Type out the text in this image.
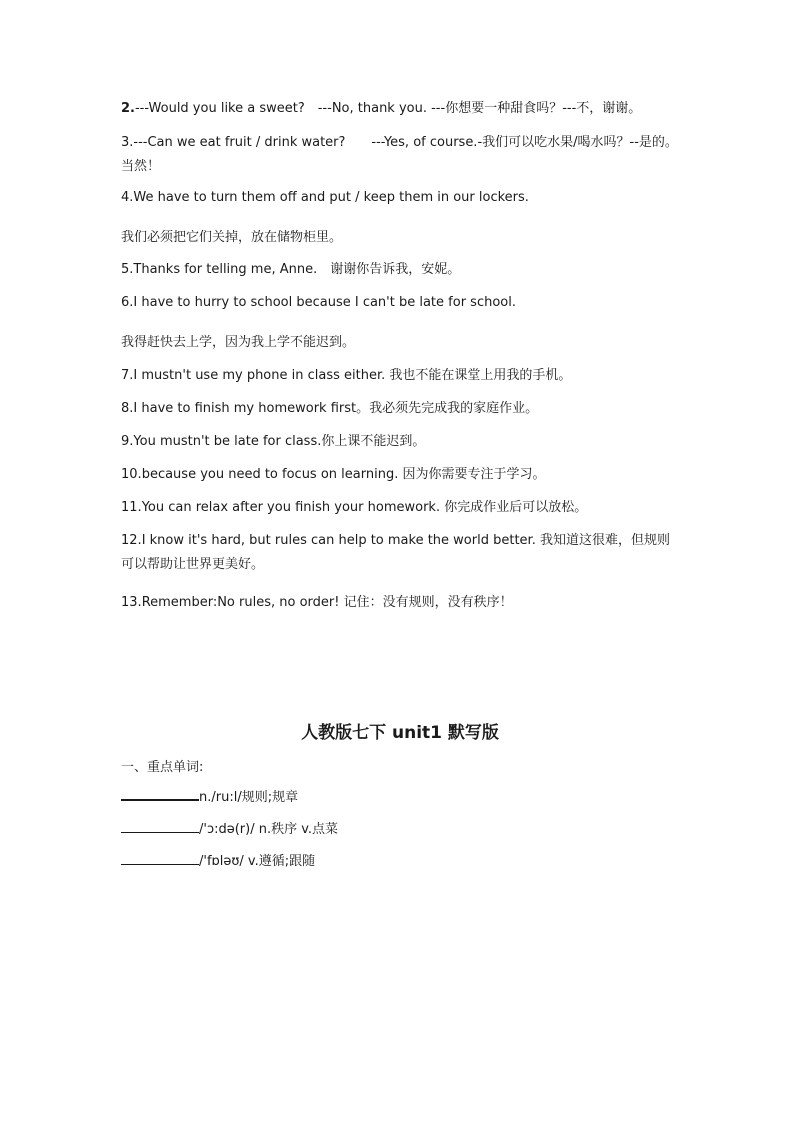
2.---Would you like a sweet?　---No, thank you. ---你想要一种甜食吗？---不，谢谢。
3.---Can we eat fruit / drink water?　　---Yes, of course.-我们可以吃水果/喝水吗？--是的。当然！
4.We have to turn them off and put / keep them in our lockers.
我们必须把它们关掉，放在储物柜里。
5.Thanks for telling me, Anne.　谢谢你告诉我，安妮。
6.I have to hurry to school because I can't be late for school.
我得赶快去上学，因为我上学不能迟到。
7.I mustn't use my phone in class either. 我也不能在课堂上用我的手机。
8.I have to finish my homework first。我必须先完成我的家庭作业。
9.You mustn't be late for class.你上课不能迟到。
10.because you need to focus on learning. 因为你需要专注于学习。
11.You can relax after you finish your homework. 你完成作业后可以放松。
12.I know it's hard, but rules can help to make the world better. 我知道这很难，但规则可以帮助让世界更美好。
13.Remember:No rules, no order! 记住：没有规则，没有秩序！
人教版七下 unit1 默写版
一、重点单词:
n./ru:l/规则;规章
/'ɔ:də(r)/ n.秩序 v.点菜
/'fɒləʊ/ v.遵循;跟随
